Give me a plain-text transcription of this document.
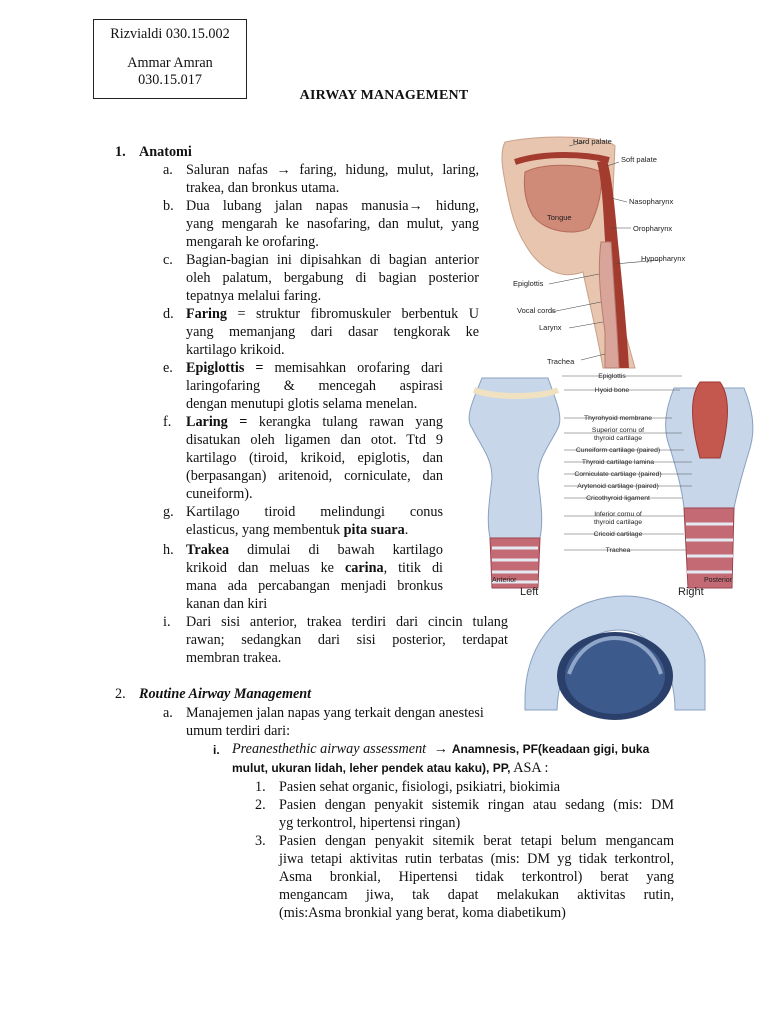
Rizvialdi 030.15.002
Ammar Amran
030.15.017
AIRWAY MANAGEMENT
1. Anatomi
a. Saluran nafas → faring, hidung, mulut, laring,
trakea, dan bronkus utama.
b. Dua lubang jalan napas manusia→ hidung,
yang mengarah ke nasofaring, dan mulut, yang
mengarah ke orofaring.
c. Bagian-bagian ini dipisahkan di bagian anterior
oleh palatum, bergabung di bagian posterior
tepatnya melalui faring.
d. Faring = struktur fibromuskuler berbentuk U
yang memanjang dari dasar tengkorak ke
kartilago krikoid.
e. Epiglottis = memisahkan orofaring dari
laringofaring & mencegah aspirasi
dengan menutupi glotis selama menelan.
f. Laring = kerangka tulang rawan yang
disatukan oleh ligamen dan otot. Ttd 9
kartilago (tiroid, krikoid, epiglotis, dan
(berpasangan) aritenoid, corniculate, dan
cuneiform).
g. Kartilago tiroid melindungi conus
elasticus, yang membentuk pita suara.
h. Trakea dimulai di bawah kartilago
krikoid dan meluas ke carina, titik di
mana ada percabangan menjadi bronkus
kanan dan kiri
i. Dari sisi anterior, trakea terdiri dari cincin tulang
rawan; sedangkan dari sisi posterior, terdapat
membran trakea.
2. Routine Airway Management
a. Manajemen jalan napas yang terkait dengan anestesi
umum terdiri dari:
i. Preanesthethic airway assessment → Anamnesis, PF(keadaan gigi, buka
mulut, ukuran lidah, leher pendek atau kaku), PP, ASA :
1. Pasien sehat organic, fisiologi, psikiatri, biokimia
2. Pasien dengan penyakit sistemik ringan atau sedang (mis: DM
yg terkontrol, hipertensi ringan)
3. Pasien dengan penyakit sitemik berat tetapi belum mengancam
jiwa tetapi aktivitas rutin terbatas (mis: DM yg tidak terkontrol,
Asma bronkial, Hipertensi tidak terkontrol) berat yang
mengancam jiwa, tak dapat melakukan aktivitas rutin,
(mis:Asma bronkial yang berat, koma diabetikum)
Hard palate
Soft palate
Nasopharynx
Tongue
Oropharynx
Hypopharynx
Epiglottis
Vocal cords
Larynx
Trachea
Epiglottis
Hyoid bone
Thyrohyoid membrane
Superior cornu of
thyroid cartilage
Cuneiform cartilage (paired)
Thyroid cartilage lamina
Corniculate cartilage (paired)
Arytenoid cartilage (paired)
Cricothyroid ligament
Inferior cornu of
thyroid cartilage
Cricoid cartilage
Trachea
Anterior	Posterior
Left	Right
